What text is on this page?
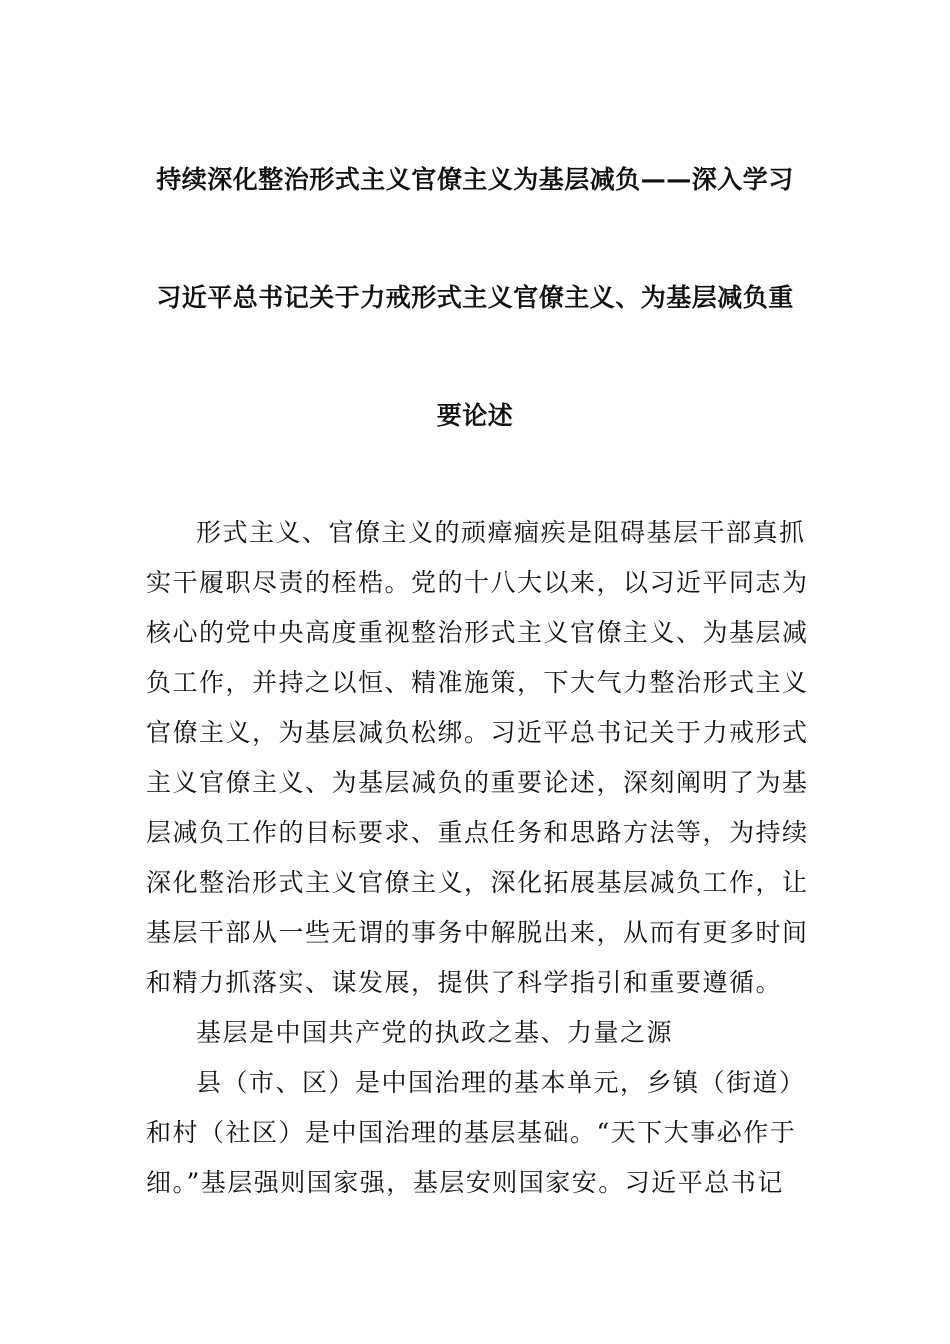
持续深化整治形式主义官僚主义为基层减负——深入学习
习近平总书记关于力戒形式主义官僚主义、为基层减负重
要论述
形式主义、官僚主义的顽瘴痼疾是阻碍基层干部真抓
实干履职尽责的桎梏。党的十八大以来，以习近平同志为
核心的党中央高度重视整治形式主义官僚主义、为基层减
负工作，并持之以恒、精准施策，下大气力整治形式主义
官僚主义，为基层减负松绑。习近平总书记关于力戒形式
主义官僚主义、为基层减负的重要论述，深刻阐明了为基
层减负工作的目标要求、重点任务和思路方法等，为持续
深化整治形式主义官僚主义，深化拓展基层减负工作，让
基层干部从一些无谓的事务中解脱出来，从而有更多时间
和精力抓落实、谋发展，提供了科学指引和重要遵循。
基层是中国共产党的执政之基、力量之源
县（市、区）是中国治理的基本单元，乡镇（街道）
和村（社区）是中国治理的基层基础。“天下大事必作于
细。”基层强则国家强，基层安则国家安。习近平总书记
